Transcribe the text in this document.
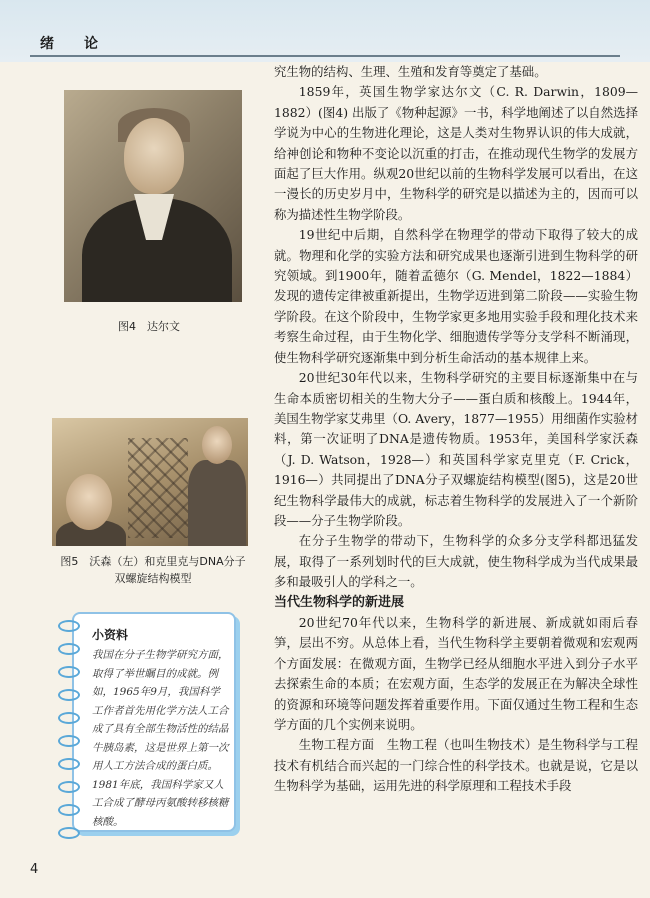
绪　论
图4　达尔文
图5　沃森（左）和克里克与DNA分子双螺旋结构模型
小资料
我国在分子生物学研究方面，取得了举世瞩目的成就。例如，1965年9月，我国科学工作者首先用化学方法人工合成了具有全部生物活性的结晶牛胰岛素，这是世界上第一次用人工方法合成的蛋白质。1981年底，我国科学家又人工合成了酵母丙氨酸转移核糖核酸。

究生物的结构、生理、生殖和发育等奠定了基础。

1859年，英国生物学家达尔文（C. R. Darwin，1809—1882）(图4) 出版了《物种起源》一书，科学地阐述了以自然选择学说为中心的生物进化理论，这是人类对生物界认识的伟大成就，给神创论和物种不变论以沉重的打击，在推动现代生物学的发展方面起了巨大作用。纵观20世纪以前的生物科学发展可以看出，在这一漫长的历史岁月中，生物科学的研究是以描述为主的，因而可以称为描述性生物学阶段。

19世纪中后期，自然科学在物理学的带动下取得了较大的成就。物理和化学的实验方法和研究成果也逐渐引进到生物科学的研究领域。到1900年，随着孟德尔（G. Mendel，1822—1884）发现的遗传定律被重新提出，生物学迈进到第二阶段——实验生物学阶段。在这个阶段中，生物学家更多地用实验手段和理化技术来考察生命过程，由于生物化学、细胞遗传学等分支学科不断涌现，使生物科学研究逐渐集中到分析生命活动的基本规律上来。

20世纪30年代以来，生物科学研究的主要目标逐渐集中在与生命本质密切相关的生物大分子——蛋白质和核酸上。1944年，美国生物学家艾弗里（O. Avery，1877—1955）用细菌作实验材料，第一次证明了DNA是遗传物质。1953年，美国科学家沃森（J. D. Watson，1928—）和英国科学家克里克（F. Crick，1916—）共同提出了DNA分子双螺旋结构模型(图5)，这是20世纪生物科学最伟大的成就，标志着生物科学的发展进入了一个新阶段——分子生物学阶段。

在分子生物学的带动下，生物科学的众多分支学科都迅猛发展，取得了一系列划时代的巨大成就，使生物科学成为当代成果最多和最吸引人的学科之一。

当代生物科学的新进展

20世纪70年代以来，生物科学的新进展、新成就如雨后春笋，层出不穷。从总体上看，当代生物科学主要朝着微观和宏观两个方面发展：在微观方面，生物学已经从细胞水平进入到分子水平去探索生命的本质；在宏观方面，生态学的发展正在为解决全球性的资源和环境等问题发挥着重要作用。下面仅通过生物工程和生态学方面的几个实例来说明。

生物工程方面　生物工程（也叫生物技术）是生物科学与工程技术有机结合而兴起的一门综合性的科学技术。也就是说，它是以生物科学为基础，运用先进的科学原理和工程技术手段

4
